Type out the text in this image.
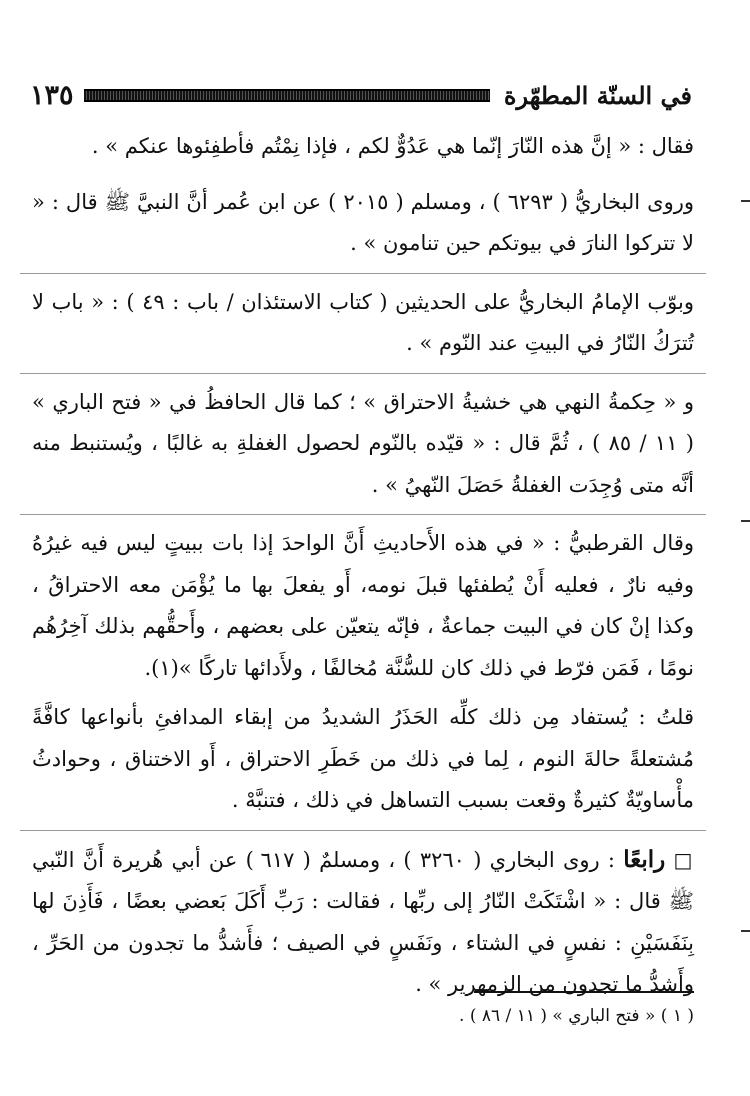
في السنّة المطهّرة
١٣٥

فقال : « إنَّ هذه النّارَ إنّما هي عَدُوٌّ لكم ، فإذا نِمْتُم فأطفِئوها عنكم » .

وروى البخاريُّ ( ٦٢٩٣ ) ، ومسلم ( ٢٠١٥ ) عن ابن عُمر أنَّ النبيَّ ﷺ قال : « لا تتركوا النارَ في بيوتكم حين تنامون » .

وبوّب الإمامُ البخاريُّ على الحديثين ( كتاب الاستئذان / باب : ٤٩ ) : « باب لا تُترَكُ النّارُ في البيتِ عند النّوم » .

و « حِكمةُ النهي هي خشيةُ الاحتراق » ؛ كما قال الحافظُ في « فتح الباري » ( ١١ / ٨٥ ) ، ثُمَّ قال : « قيّده بالنّوم لحصول الغفلةِ به غالبًا ، ويُستنبط منه أنَّه متى وُجِدَت الغفلةُ حَصَلَ النّهيُ » .

وقال القرطبيُّ : « في هذه الأَحاديثِ أَنَّ الواحدَ إذا بات ببيتٍ ليس فيه غيرُهُ وفيه نارٌ ، فعليه أَنْ يُطفئها قبلَ نومه، أَو يفعلَ بها ما يُؤْمَن معه الاحتراقُ ، وكذا إنْ كان في البيت جماعةٌ ، فإنّه يتعيّن على بعضهم ، وأَحقُّهم بذلك آخِرُهُم نومًا ، فَمَن فرّط في ذلك كان للسُّنَّة مُخالفًا ، ولأَدائها تاركًا »(١).

قلتُ : يُستفاد مِن ذلك كلِّه الحَذَرُ الشديدُ من إبقاء المدافئِ بأنواعها كافَّةً مُشتعلةً حالةَ النوم ، لِما في ذلك من خَطَرِ الاحتراق ، أَو الاختناق ، وحوادثُ مأْساويّةٌ كثيرةٌ وقعت بسبب التساهل في ذلك ، فتنبَّهْ .

□ رابعًا : روى البخاري ( ٣٢٦٠ ) ، ومسلمٌ ( ٦١٧ ) عن أبي هُريرة أَنَّ النّبي ﷺ قال : « اشْتَكَتْ النّارُ إلى ربِّها ، فقالت : رَبِّ أَكَلَ بَعضي بعضًا ، فَأَذِنَ لها بِنَفَسَيْنِ : نفسٍ في الشتاء ، ونَفَسٍ في الصيف ؛ فأَشدُّ ما تجدون من الحَرِّ ، وأَشدُّ ما تجدون من الزمهرير » .

( ١ ) « فتح الباري » ( ١١ / ٨٦ ) .
